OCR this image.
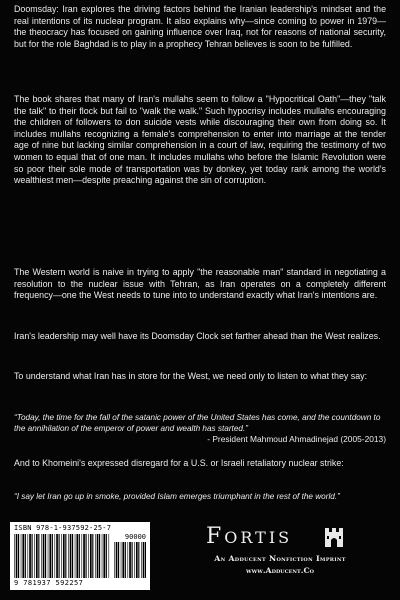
Doomsday: Iran explores the driving factors behind the Iranian leadership's mindset and the real intentions of its nuclear program. It also explains why—since coming to power in 1979—the theocracy has focused on gaining influence over Iraq, not for reasons of national security, but for the role Baghdad is to play in a prophecy Tehran believes is soon to be fulfilled.

The book shares that many of Iran's mullahs seem to follow a "Hypocritical Oath"—they "talk the talk" to their flock but fail to "walk the walk." Such hypocrisy includes mullahs encouraging the children of followers to don suicide vests while discouraging their own from doing so. It includes mullahs recognizing a female's comprehension to enter into marriage at the tender age of nine but lacking similar comprehension in a court of law, requiring the testimony of two women to equal that of one man. It includes mullahs who before the Islamic Revolution were so poor their sole mode of transportation was by donkey, yet today rank among the world's wealthiest men—despite preaching against the sin of corruption.

The Western world is naive in trying to apply "the reasonable man" standard in negotiating a resolution to the nuclear issue with Tehran, as Iran operates on a completely different frequency—one the West needs to tune into to understand exactly what Iran's intentions are.

Iran's leadership may well have its Doomsday Clock set farther ahead than the West realizes.

To understand what Iran has in store for the West, we need only to listen to what they say:

“Today, the time for the fall of the satanic power of the United States has come, and the countdown to the annihilation of the emperor of power and wealth has started.”

- President Mahmoud Ahmadinejad (2005-2013)

And to Khomeini's expressed disregard for a U.S. or Israeli retaliatory nuclear strike:

“I say let Iran go up in smoke, provided Islam emerges triumphant in the rest of the world.”

ISBN 978-1-937592-25-7
90000
9 781937 592257
FORTIS
An Adducent Nonfiction Imprint
www.Adducent.Co
